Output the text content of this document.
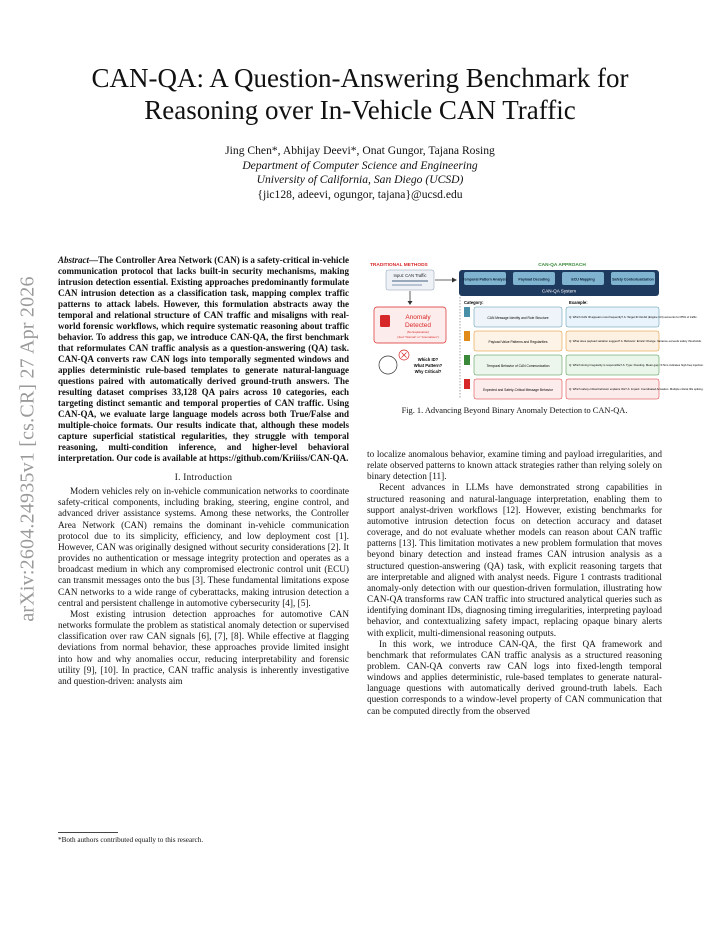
arXiv:2604.24935v1 [cs.CR] 27 Apr 2026
CAN-QA: A Question-Answering Benchmark for
Reasoning over In-Vehicle CAN Traffic
Jing Chen*, Abhijay Deevi*, Onat Gungor, Tajana Rosing
Department of Computer Science and Engineering
University of California, San Diego (UCSD)
{jic128, adeevi, ogungor, tajana}@ucsd.edu

Abstract—The Controller Area Network (CAN) is a safety-critical in-vehicle communication protocol that lacks built-in security mechanisms, making intrusion detection essential. Existing approaches predominantly formulate CAN intrusion detection as a classification task, mapping complex traffic patterns to attack labels. However, this formulation abstracts away the temporal and relational structure of CAN traffic and misaligns with real-world forensic workflows, which require systematic reasoning about traffic behavior. To address this gap, we introduce CAN-QA, the first benchmark that reformulates CAN traffic analysis as a question-answering (QA) task. CAN-QA converts raw CAN logs into temporally segmented windows and applies deterministic rule-based templates to generate natural-language questions paired with automatically derived ground-truth answers. The resulting dataset comprises 33,128 QA pairs across 10 categories, each targeting distinct semantic and temporal properties of CAN traffic. Using CAN-QA, we evaluate large language models across both True/False and multiple-choice formats. Our results indicate that, although these models capture superficial statistical regularities, they struggle with temporal reasoning, multi-condition inference, and higher-level behavioral interpretation. Our code is available at https://github.com/Kriiiss/CAN-QA.

I. Introduction

Modern vehicles rely on in-vehicle communication networks to coordinate safety-critical components, including braking, steering, engine control, and advanced driver assistance systems. Among these networks, the Controller Area Network (CAN) remains the dominant in-vehicle communication protocol due to its simplicity, efficiency, and low deployment cost [1]. However, CAN was originally designed without security considerations [2]. It provides no authentication or message integrity protection and operates as a broadcast medium in which any compromised electronic control unit (ECU) can transmit messages onto the bus [3]. These fundamental limitations expose CAN networks to a wide range of cyberattacks, making intrusion detection a central and persistent challenge in automotive cybersecurity [4], [5].

Most existing intrusion detection approaches for automotive CAN networks formulate the problem as statistical anomaly detection or supervised classification over raw CAN signals [6], [7], [8]. While effective at flagging deviations from normal behavior, these approaches provide limited insight into how and why anomalies occur, reducing interpretability and forensic utility [9], [10]. In practice, CAN traffic analysis is inherently investigative and question-driven: analysts aim

*Both authors contributed equally to this research.
TRADITIONAL METHODS	CAN-QA APPROACH
Input: CAN Traffic
Temporal Pattern Analysis	Payload Decoding	ECU Mapping	Safety Contextualization
CAN-QA System
Anomaly
Detected
(No Explanation)
(Just "Normal" or "Anomalous")
Which ID?
What Pattern?
Why Critical?
Category:	Example:
CAN Message Identity and Role Structure	Q: Which CAN ID appears most frequently? A: Target ID 0x1A0 (Engine Ctrl) accounts for 85% of traffic.
Payload Value Patterns and Regularities	Q: What does payload variation suggest? A: Behavior: Erratic Change. Variance exceeds safety thresholds.
Temporal Behavior of CAN Communication	Q: Which timing irregularity is responsible? A: Type: Flooding. Mean gap <0.5ms indicates high-freq injection.
Expected and Safety-Critical Message Behavior	Q: Which safety-critical behavior explains this? A: Impact: Coordinated Actuation. Multiple critical IDs spiking.
Fig. 1. Advancing Beyond Binary Anomaly Detection to CAN-QA.

to localize anomalous behavior, examine timing and payload irregularities, and relate observed patterns to known attack strategies rather than relying solely on binary detection [11].

Recent advances in LLMs have demonstrated strong capabilities in structured reasoning and natural-language interpretation, enabling them to support analyst-driven workflows [12]. However, existing benchmarks for automotive intrusion detection focus on detection accuracy and dataset coverage, and do not evaluate whether models can reason about CAN traffic patterns [13]. This limitation motivates a new problem formulation that moves beyond binary detection and instead frames CAN intrusion analysis as a structured question-answering (QA) task, with explicit reasoning targets that are interpretable and aligned with analyst needs. Figure 1 contrasts traditional anomaly-only detection with our question-driven formulation, illustrating how CAN-QA transforms raw CAN traffic into structured analytical queries such as identifying dominant IDs, diagnosing timing irregularities, interpreting payload behavior, and contextualizing safety impact, replacing opaque binary alerts with explicit, multi-dimensional reasoning outputs.

In this work, we introduce CAN-QA, the first QA framework and benchmark that reformulates CAN traffic analysis as a structured reasoning problem. CAN-QA converts raw CAN logs into fixed-length temporal windows and applies deterministic, rule-based templates to generate natural-language questions with automatically derived ground-truth labels. Each question corresponds to a window-level property of CAN communication that can be computed directly from the observed
